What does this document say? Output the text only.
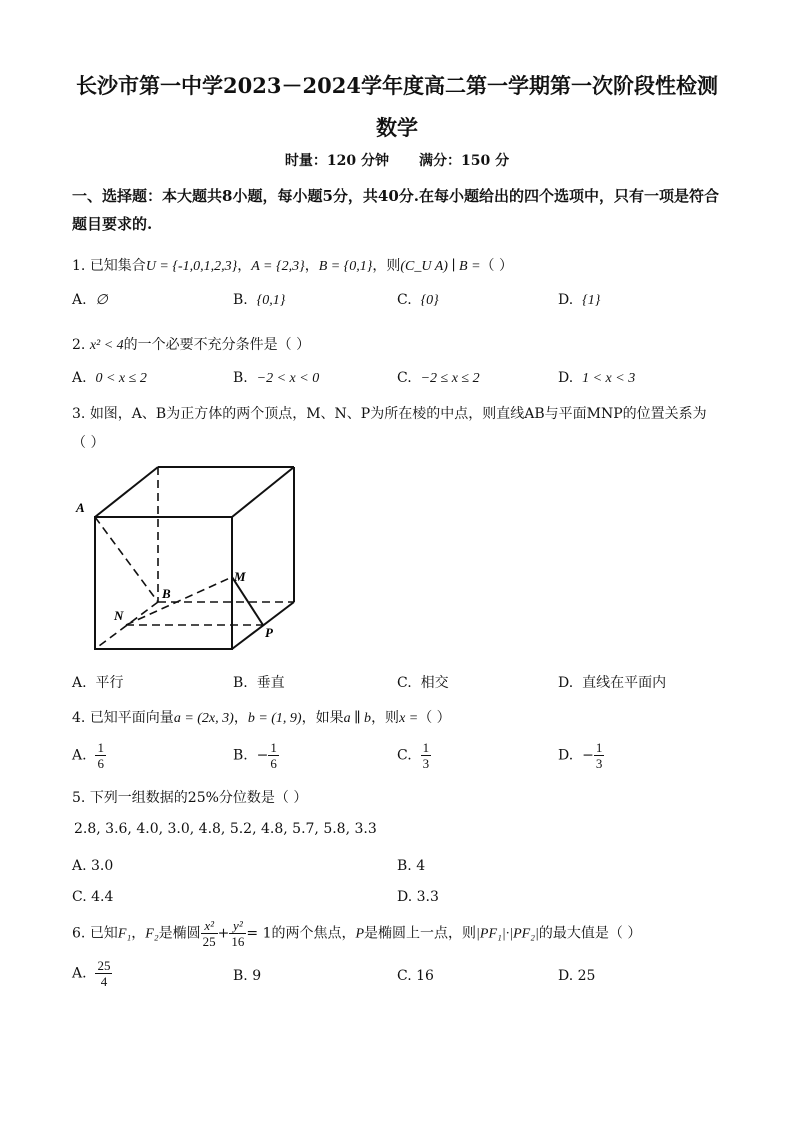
长沙市第一中学2023－2024学年度高二第一学期第一次阶段性检测
数学
时量：120 分钟 满分：150 分
一、选择题：本大题共8小题，每小题5分，共40分.在每小题给出的四个选项中，只有一项是符合题目要求的.
1. 已知集合U = {-1,0,1,2,3}，A = {2,3}，B = {0,1}，则(C_U A) ∣ B =（ ）
A. ∅	B. {0,1}	C. {0}	D. {1}
2. x² < 4的一个必要不充分条件是（ ）
A. 0 < x ≤ 2	B. −2 < x < 0	C. −2 ≤ x ≤ 2	D. 1 < x < 3
3. 如图，A、B为正方体的两个顶点，M、N、P为所在棱的中点，则直线AB与平面MNP的位置关系为
（ ）
A
B
M
N
P
A. 平行	B. 垂直	C. 相交	D. 直线在平面内
4. 已知平面向量a = (2x, 3)，b = (1, 9)，如果a ∥ b，则x =（ ）
A. $\frac{1}{6}$	B. − $\frac{1}{6}$	C. $\frac{1}{3}$	D. − $\frac{1}{3}$
5. 下列一组数据的25%分位数是（ ）
2.8, 3.6, 4.0, 3.0, 4.8, 5.2, 4.8, 5.7, 5.8, 3.3
A. 3.0	B. 4
C. 4.4	D. 3.3
6. 已知F₁，F₂是椭圆 $\frac{\text{x²}}{25} + \frac{\text{y²}}{16} = 1$的两个焦点，P是椭圆上一点，则|PF₁|·|PF₂|的最大值是（ ）
A. $\frac{25}{4}$	B. 9	C. 16	D. 25
